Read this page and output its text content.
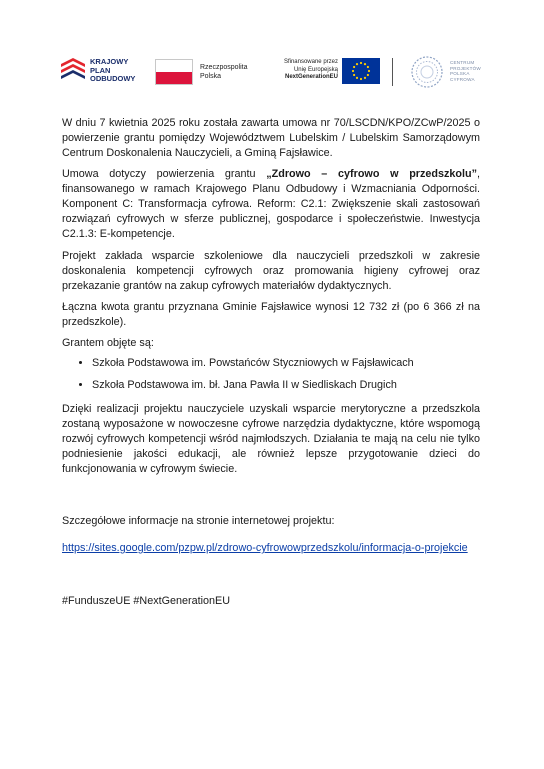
KRAJOWY
PLAN
ODBUDOWY
Rzeczpospolita
Polska
Sfinansowane przez
Unię Europejską
NextGenerationEU
CENTRUM
PROJEKTÓW
POLSKA
CYFROWA

W dniu 7 kwietnia 2025 roku została zawarta umowa nr 70/LSCDN/KPO/ZCwP/2025 o powierzenie grantu pomiędzy Województwem Lubelskim / Lubelskim Samorządowym Centrum Doskonalenia Nauczycieli, a Gminą Fajsławice.

Umowa dotyczy powierzenia grantu „Zdrowo – cyfrowo w przedszkolu”, finansowanego w ramach Krajowego Planu Odbudowy i Wzmacniania Odporności. Komponent C: Transformacja cyfrowa. Reform: C2.1: Zwiększenie skali zastosowań rozwiązań cyfrowych w sferze publicznej, gospodarce i społeczeństwie. Inwestycja C2.1.3: E-kompetencje.

Projekt zakłada wsparcie szkoleniowe dla nauczycieli przedszkoli w zakresie doskonalenia kompetencji cyfrowych oraz promowania higieny cyfrowej oraz przekazanie grantów na zakup cyfrowych materiałów dydaktycznych.

Łączna kwota grantu przyznana Gminie Fajsławice wynosi 12 732 zł (po 6 366 zł na przedszkole).

Grantem objęte są:

• Szkoła Podstawowa im. Powstańców Styczniowych w Fajsławicach
• Szkoła Podstawowa im. bł. Jana Pawła II w Siedliskach Drugich

Dzięki realizacji projektu nauczyciele uzyskali wsparcie merytoryczne a przedszkola zostaną wyposażone w nowoczesne cyfrowe narzędzia dydaktyczne, które wspomogą rozwój cyfrowych kompetencji wśród najmłodszych. Działania te mają na celu nie tylko podniesienie jakości edukacji, ale również lepsze przygotowanie dzieci do funkcjonowania w cyfrowym świecie.

Szczegółowe informacje na stronie internetowej projektu:

https://sites.google.com/pzpw.pl/zdrowo-cyfrowowprzedszkolu/informacja-o-projekcie

#FunduszeUE #NextGenerationEU
